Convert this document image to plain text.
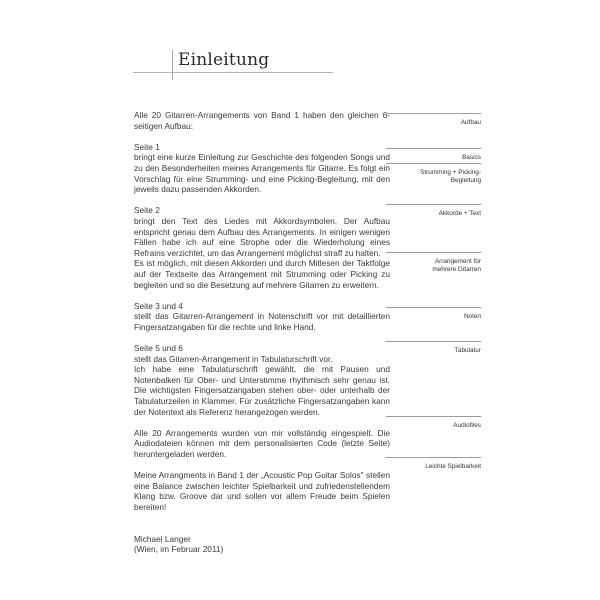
Einleitung
Alle 20 Gitarren-Arrangements von Band 1 haben den gleichen 6-seitigen Aufbau:
Seite 1
bringt eine kurze Einleitung zur Geschichte des folgenden Songs und zu den Besonderheiten meines Arrangements für Gitarre. Es folgt ein Vorschlag für eine Strumming- und eine Picking-Begleitung, mit den jeweils dazu passenden Akkorden.
Seite 2
bringt den Text des Liedes mit Akkordsymbolen. Der Aufbau entspricht genau dem Aufbau des Arrangements. In einigen wenigen Fällen habe ich auf eine Strophe oder die Wiederholung eines Refrains verzichtet, um das Arrangement möglichst straff zu halten.
Es ist möglich, mit diesen Akkorden und durch Mitlesen der Taktfolge auf der Textseite das Arrangement mit Strumming oder Picking zu begleiten und so die Besetzung auf mehrere Gitarren zu erweitern.
Seite 3 und 4
stellt das Gitarren-Arrangement in Notenschrift vor mit detaillierten Fingersatzangaben für die rechte und linke Hand.
Seite 5 und 6
stellt das Gitarren-Arrangement in Tabulaturschrift vor.
Ich habe eine Tabulaturschrift gewählt, die mit Pausen und Notenbalken für Ober- und Unterstimme rhythmisch sehr genau ist. Die wichtigsten Fingersatzangaben stehen ober- oder unterhalb der Tabulaturzeilen in Klammer. Für zusätzliche Fingersatzangaben kann der Notentext als Referenz herangezogen werden.
Alle 20 Arrangements wurden von mir vollständig eingespielt. Die Audiodateien können mit dem personalisierten Code (letzte Seite) heruntergeladen werden.
Meine Arrangments in Band 1 der „Acoustic Pop Guitar Solos" stellen eine Balance zwischen leichter Spielbarkeit und zufriedenstellendem Klang bzw. Groove dar und sollen vor allem Freude beim Spielen bereiten!
Michael Langer
(Wien, im Februar 2011)
Aufbau
Basics
Strumming + Picking-
Begleitung
Akkorde + Text
Arrangement für
mehrere Gitarren
Noten
Tabulatur
Audiofiles
Leichte Spielbarkeit
